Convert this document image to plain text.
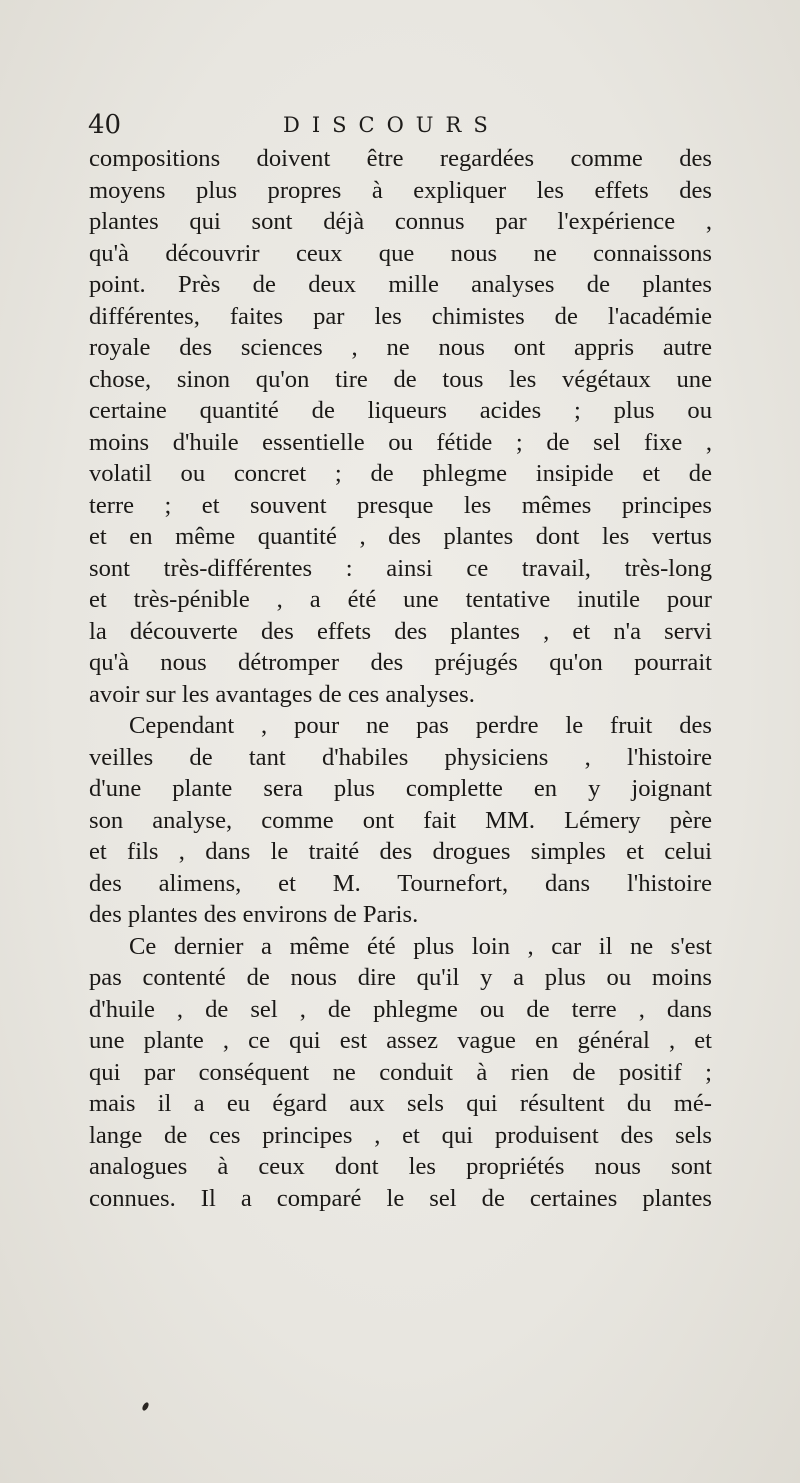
40	DISCOURS
compositions doivent être regardées comme des
moyens plus propres à expliquer les effets des
plantes qui sont déjà connus par l'expérience ,
qu'à découvrir ceux que nous ne connaissons
point. Près de deux mille analyses de plantes
différentes, faites par les chimistes de l'académie
royale des sciences , ne nous ont appris autre
chose, sinon qu'on tire de tous les végétaux une
certaine quantité de liqueurs acides ; plus ou
moins d'huile essentielle ou fétide ; de sel fixe ,
volatil ou concret ; de phlegme insipide et de
terre ; et souvent presque les mêmes principes
et en même quantité , des plantes dont les vertus
sont très-différentes : ainsi ce travail, très-long
et très-pénible , a été une tentative inutile pour
la découverte des effets des plantes , et n'a servi
qu'à nous détromper des préjugés qu'on pourrait
avoir sur les avantages de ces analyses.
Cependant , pour ne pas perdre le fruit des
veilles de tant d'habiles physiciens , l'histoire
d'une plante sera plus complette en y joignant
son analyse, comme ont fait MM. Lémery père
et fils , dans le traité des drogues simples et celui
des alimens, et M. Tournefort, dans l'histoire
des plantes des environs de Paris.
Ce dernier a même été plus loin , car il ne s'est
pas contenté de nous dire qu'il y a plus ou moins
d'huile , de sel , de phlegme ou de terre , dans
une plante , ce qui est assez vague en général , et
qui par conséquent ne conduit à rien de positif ;
mais il a eu égard aux sels qui résultent du mé-
lange de ces principes , et qui produisent des sels
analogues à ceux dont les propriétés nous sont
connues. Il a comparé le sel de certaines plantes
